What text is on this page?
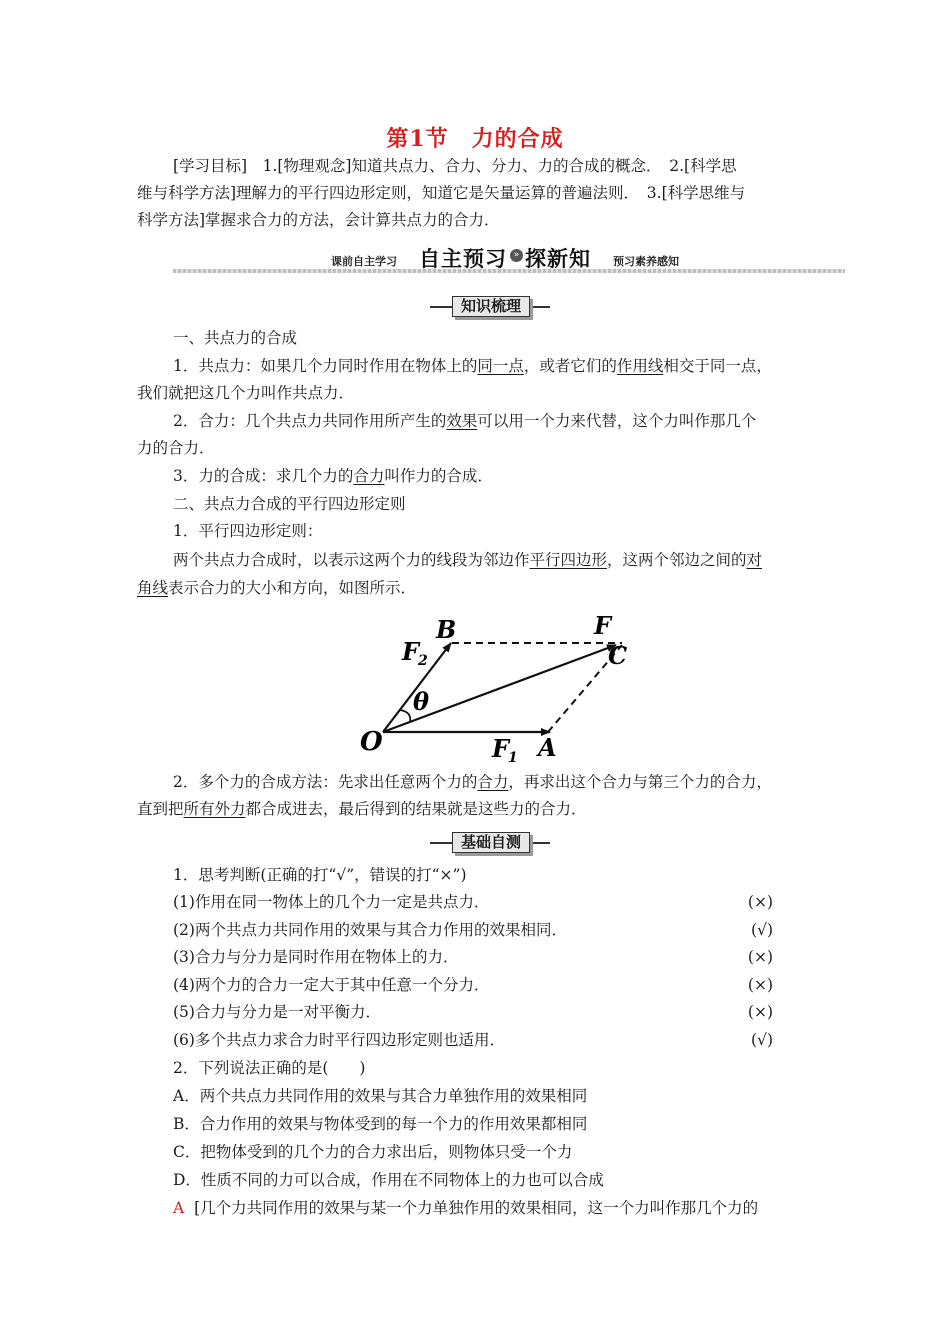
第1节　力的合成
[学习目标]　1.[物理观念]知道共点力、合力、分力、力的合成的概念．　2.[科学思
维与科学方法]理解力的平行四边形定则，知道它是矢量运算的普遍法则．　3.[科学思维与
科学方法]掌握求合力的方法，会计算共点力的合力．
课前自主学习 自主预习 » 探新知 预习素养感知
知识梳理
一、共点力的合成
1．共点力：如果几个力同时作用在物体上的同一点，或者它们的作用线相交于同一点，
我们就把这几个力叫作共点力．
2．合力：几个共点力共同作用所产生的效果可以用一个力来代替，这个力叫作那几个
力的合力．
3．力的合成：求几个力的合力叫作力的合成．
二、共点力合成的平行四边形定则
1．平行四边形定则：
两个共点力合成时，以表示这两个力的线段为邻边作平行四边形，这两个邻边之间的对
角线表示合力的大小和方向，如图所示．
O	A
B
C
F
F
1
F
2
θ
2．多个力的合成方法：先求出任意两个力的合力，再求出这个合力与第三个力的合力，
直到把所有外力都合成进去，最后得到的结果就是这些力的合力．
基础自测
1．思考判断(正确的打“√”，错误的打“×”)
(1)作用在同一物体上的几个力一定是共点力．	(×)
(2)两个共点力共同作用的效果与其合力作用的效果相同．	(√)
(3)合力与分力是同时作用在物体上的力．	(×)
(4)两个力的合力一定大于其中任意一个分力．	(×)
(5)合力与分力是一对平衡力．	(×)
(6)多个共点力求合力时平行四边形定则也适用．	(√)
2．下列说法正确的是(　　)
A．两个共点力共同作用的效果与其合力单独作用的效果相同
B．合力作用的效果与物体受到的每一个力的作用效果都相同
C．把物体受到的几个力的合力求出后，则物体只受一个力
D．性质不同的力可以合成，作用在不同物体上的力也可以合成
A [几个力共同作用的效果与某一个力单独作用的效果相同，这一个力叫作那几个力的
